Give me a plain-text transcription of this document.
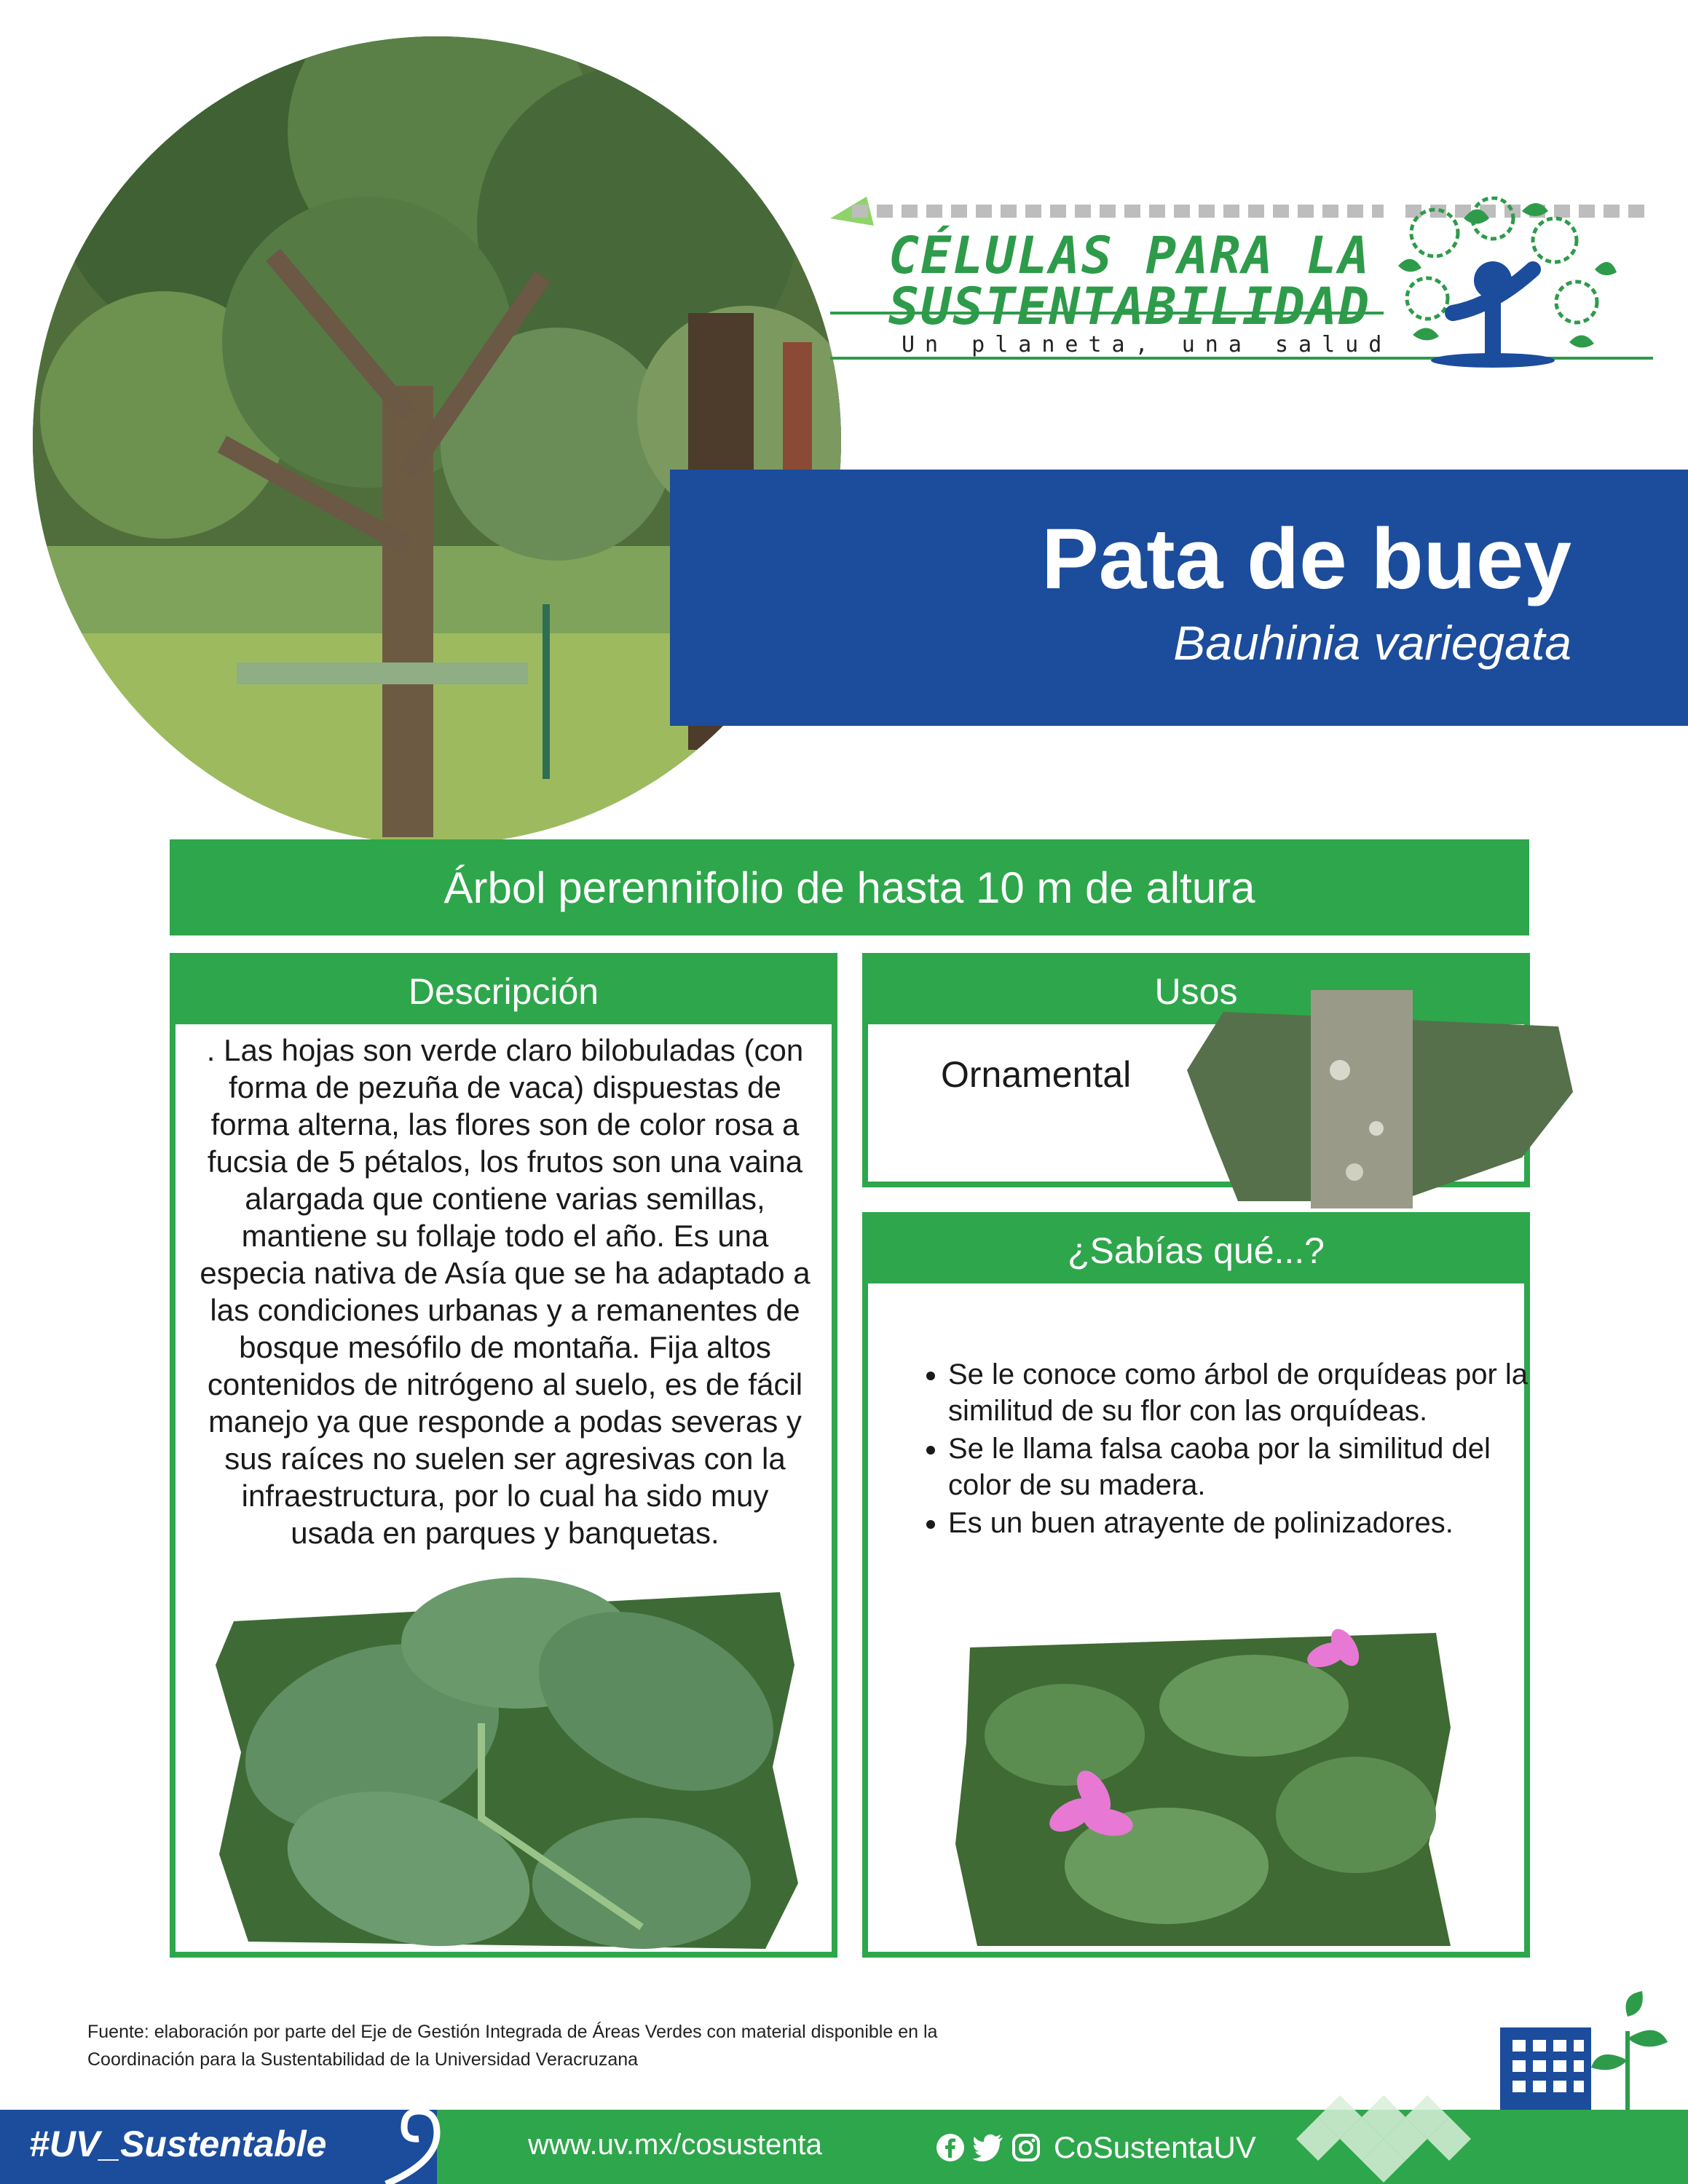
Pata de buey
Bauhinia variegata
CÉLULAS PARA LA
SUSTENTABILIDAD
Un planeta, una salud
Árbol perennifolio de hasta 10 m de altura
Descripción
. Las hojas son verde claro bilobuladas (con forma de pezuña de vaca) dispuestas de forma alterna, las flores son de color rosa a fucsia de 5 pétalos, los frutos son una vaina alargada que contiene varias semillas, mantiene su follaje todo el año. Es una especia nativa de Asía que se ha adaptado a las condiciones urbanas y a remanentes de bosque mesófilo de montaña. Fija altos contenidos de nitrógeno al suelo, es de fácil manejo ya que responde a podas severas y sus raíces no suelen ser agresivas con la infraestructura, por lo cual ha sido muy usada en parques y banquetas.
Usos
Ornamental
¿Sabías qué...?
• Se le conoce como árbol de orquídeas por la similitud de su flor con las orquídeas.
• Se le llama falsa caoba por la similitud del color de su madera.
• Es un buen atrayente de polinizadores.
Fuente: elaboración por parte del Eje de Gestión Integrada de Áreas Verdes con material disponible en la Coordinación para la Sustentabilidad de la Universidad Veracruzana
#UV_Sustentable	www.uv.mx/cosustenta	CoSustentaUV
